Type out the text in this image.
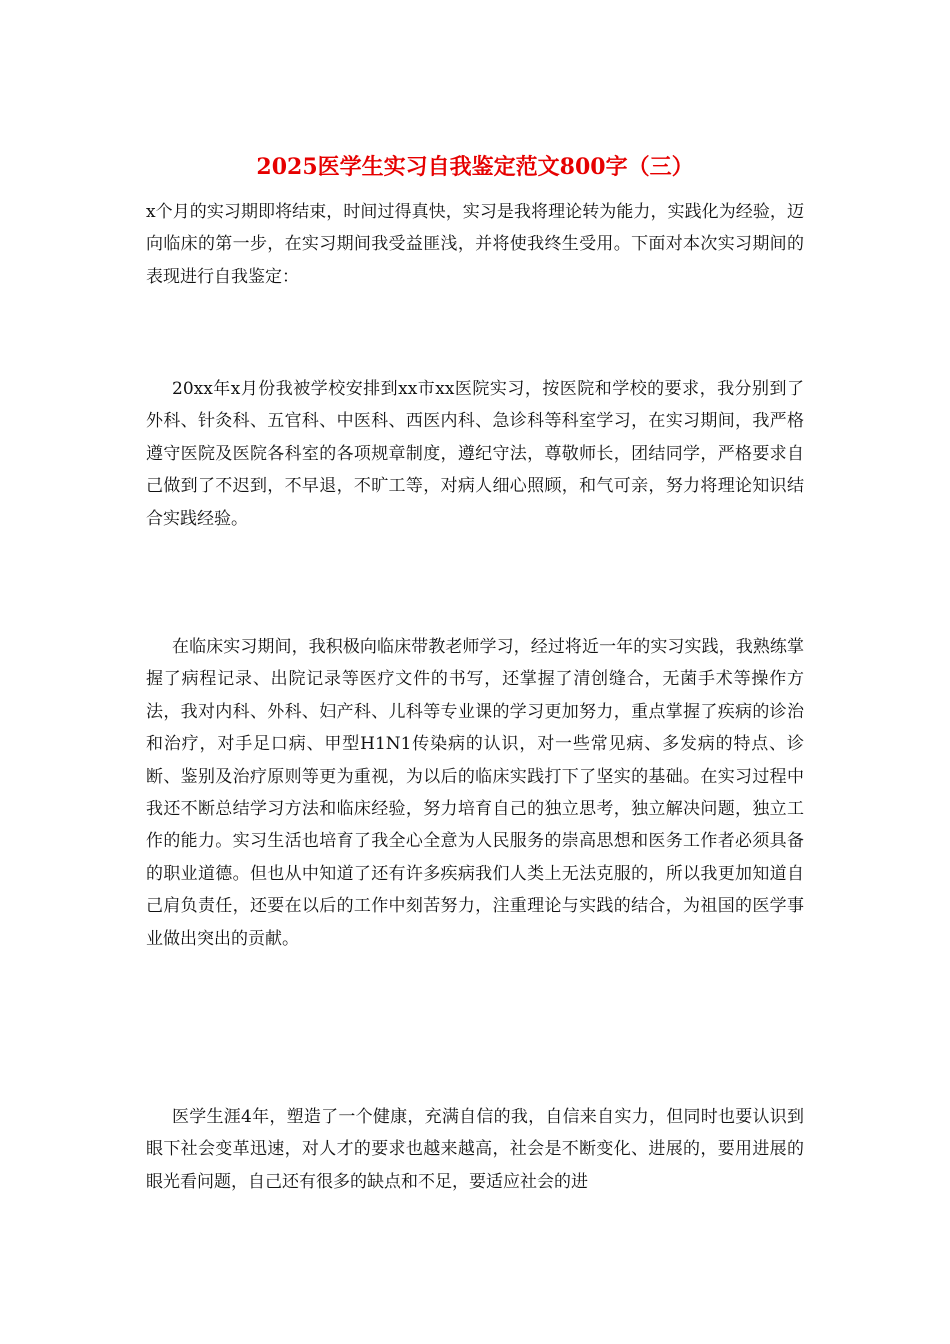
2025医学生实习自我鉴定范文800字（三）

x个月的实习期即将结束，时间过得真快，实习是我将理论转为能力，实践化为经验，迈向临床的第一步，在实习期间我受益匪浅，并将使我终生受用。下面对本次实习期间的表现进行自我鉴定：

20xx年x月份我被学校安排到xx市xx医院实习，按医院和学校的要求，我分别到了外科、针灸科、五官科、中医科、西医内科、急诊科等科室学习，在实习期间，我严格遵守医院及医院各科室的各项规章制度，遵纪守法，尊敬师长，团结同学，严格要求自己做到了不迟到，不早退，不旷工等，对病人细心照顾，和气可亲，努力将理论知识结合实践经验。

在临床实习期间，我积极向临床带教老师学习，经过将近一年的实习实践，我熟练掌握了病程记录、出院记录等医疗文件的书写，还掌握了清创缝合，无菌手术等操作方法，我对内科、外科、妇产科、儿科等专业课的学习更加努力，重点掌握了疾病的诊治和治疗，对手足口病、甲型H1N1传染病的认识，对一些常见病、多发病的特点、诊断、鉴别及治疗原则等更为重视，为以后的临床实践打下了坚实的基础。在实习过程中我还不断总结学习方法和临床经验，努力培育自己的独立思考，独立解决问题，独立工作的能力。实习生活也培育了我全心全意为人民服务的崇高思想和医务工作者必须具备的职业道德。但也从中知道了还有许多疾病我们人类上无法克服的，所以我更加知道自己肩负责任，还要在以后的工作中刻苦努力，注重理论与实践的结合，为祖国的医学事业做出突出的贡献。

医学生涯4年，塑造了一个健康，充满自信的我，自信来自实力，但同时也要认识到眼下社会变革迅速，对人才的要求也越来越高，社会是不断变化、进展的，要用进展的眼光看问题，自己还有很多的缺点和不足，要适应社会的进
